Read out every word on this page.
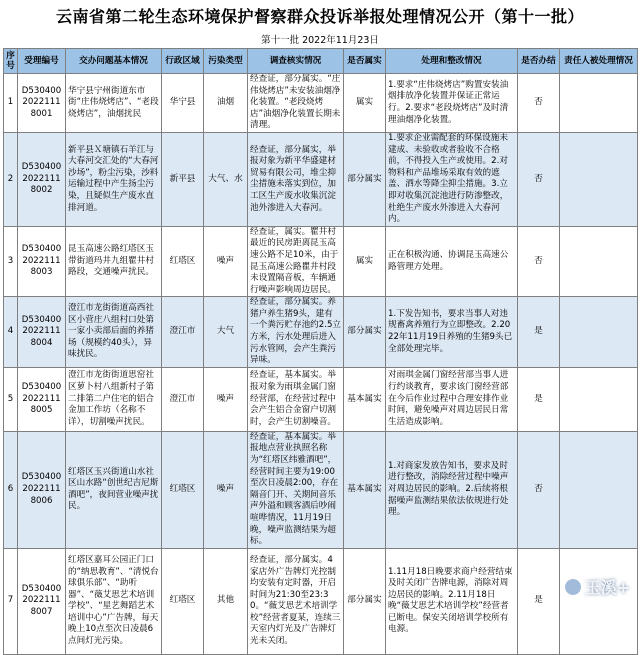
云南省第二轮生态环境保护督察群众投诉举报处理情况公开（第十一批）
第十一批 2022年11月23日
序号	受理编号	交办问题基本情况	行政区域	污染类型	调查核实情况	是否属实	处理和整改情况	是否办结	责任人被处理情况
1	D530400 2022111 8001	华宁县宁州街道东市街“庄伟烧烤店”、“老段烧烤店”，油烟扰民	华宁县	油烟	经查证，部分属实。“庄伟烧烤店”未安装油烟净化装置。“老段烧烤店”油烟净化装置长期未清理。	属实	1.要求“庄伟烧烤店”购置安装油烟排放净化装置并保证正常运行。2.要求“老段烧烤店”及时清理油烟净化装置。	否	
2	D530400 2022111 8002	新平县Ｘ塘镇石羊江与大春河交汇处的“大春河沙场”，粉尘污染，沙料运输过程中产生扬尘污染，且疑似生产废水直排河道。	新平县	大气、水	经查证，部分属实，举报对象为新平华盛建材贸易有限公司，堆尘抑尘措施未落实到位，加工区生产废水收集沉淀池外渗进入大春河。	部分属实	1.要求企业需配套的环保设施未建成、未验收或者验收不合格前，不得投入生产或使用。2.对物料和产品堆场采取有效的遮盖、洒水等降尘抑尘措施。3.立即对收集沉淀池进行防渗整改，杜绝生产废水外渗进入大春河内。	否	
3	D530400 2022111 8003	昆玉高速公路红塔区玉带街道玛井九组瞿井村路段，交通噪声扰民。	红塔区	噪声	经查证，属实。瞿井村最近的民房距离昆玉高速公路不足10米，由于昆玉高速公路瞿井村段未设置隔音板，车辆通行噪声影响周边居民。	属实	正在积极沟通、协调昆玉高速公路管理方处理。	否	
4	D530400 2022111 8004	澄江市龙街街道高西社区小营庄八组村口处第一家小卖部后面的养猪场（规模约40头），异味扰民。	澄江市	大气	经查证，部分属实。养猪户养生猪9头，建有一个粪污贮存池约2.5立方米，污水处理后进入污水管网，会产生粪污异味。	部分属实	1.下发告知书，要求当事人对违规畜禽养殖行为立即整改。2.2022年11月19日养殖的生猪9头已全部处理完毕。	是	
5	D530400 2022111 8005	澄江市龙街街道思窑社区萝卜村八组新村子第二排第二户住宅的铝合金加工作坊（名称不详），切割噪声扰民。	澄江市	噪声	经查证，基本属实。举报对象为雨琪金属门窗经营部，在经营过程中会产生铝合金窗户切割时，会产生切割噪音。	基本属实	对雨琪金属门窗经营部当事人进行约谈教育，要求该门窗经营部在今后作业过程中合理安排作业时间，避免噪声对周边居民日常生活造成影响。	是	
6	D530400 2022111 8006	红塔区玉兴街道山水社区山水路“创世纪吉尼斯酒吧”，夜间营业噪声扰民。	红塔区	噪声	经查证，基本属实。举报地点营业执照名称为“红塔区纬雅酒吧”，经营时间主要为19:00至次日凌晨2:00，存在隔音门开、关期间音乐声外溢和顾客酒后吵闹喧哗情况，11月19日晚，噪声监测结果为超标。	基本属实	1.对商家发放告知书，要求及时进行整改，消除经营过程中噪声对周边居民的影响。2.后续将根据噪声监测结果依法依规进行处理。	否	
7	D530400 2022111 8007	红塔区嘉耳公园正门口的“纳思教育”、“清悦台球俱乐部”、“助听器”、“薇艾思艺术培训学校”、“星艺舞蹈艺术培训中心”广告牌，每天晚上10点至次日凌晨6点间灯光污染。	红塔区	其他	经查证，部分属实。4家店外广告牌灯光控制均安装有定时器，开启时间为21:30至23:30。“薇艾思艺术培训学校”经营者夏某，连续三天室内灯光及广告牌灯光未关闭。	部分属实	1.11月18日晚要求商户经营结束及时关闭广告牌电源，消除对周边居民的影响。2.11月18日晚“薇艾思艺术培训学校”经营者已断电。保安关闭培训学校所有电源。	是	
玉溪+
